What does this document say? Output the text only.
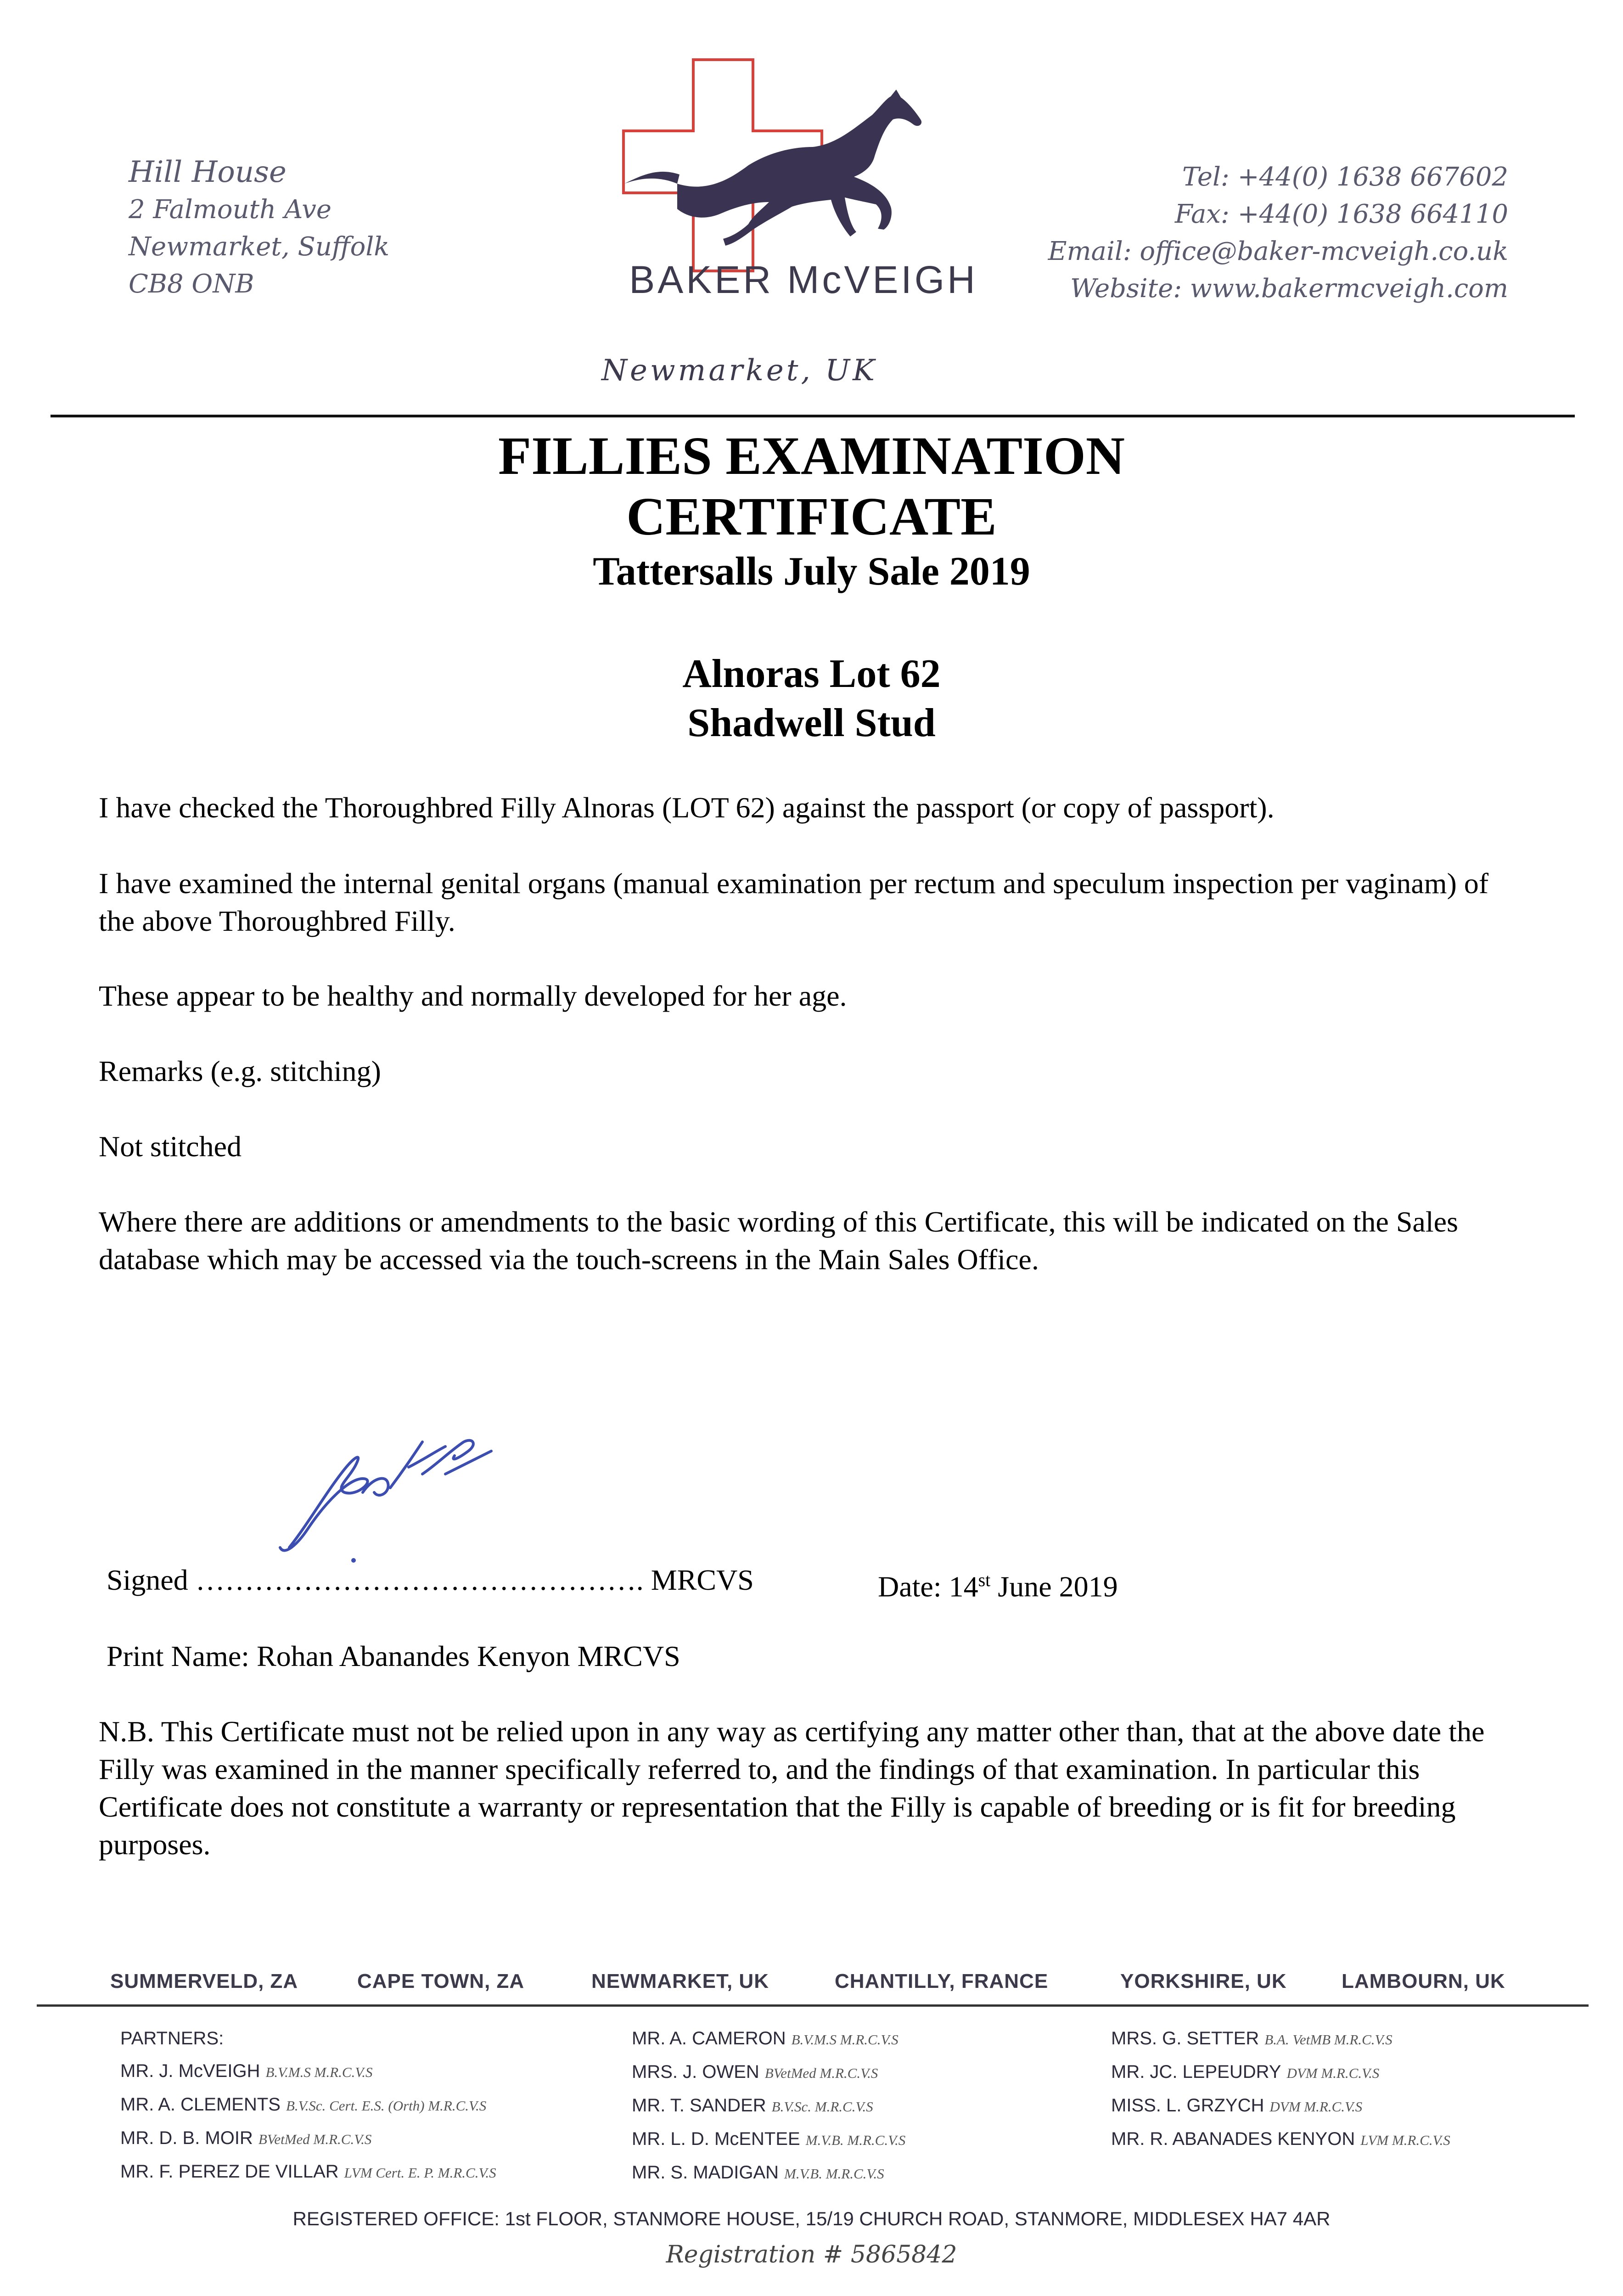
Hill House
2 Falmouth Ave
Newmarket, Suffolk
CB8 ONB
Tel: +44(0) 1638 667602
Fax: +44(0) 1638 664110
Email: office@baker-mcveigh.co.uk
Website: www.bakermcveigh.com
BAKER McVEIGH
Newmarket, UK
FILLIES EXAMINATION
CERTIFICATE
Tattersalls July Sale 2019
Alnoras Lot 62
Shadwell Stud
I have checked the Thoroughbred Filly Alnoras (LOT 62) against the passport (or copy of passport).
I have examined the internal genital organs (manual examination per rectum and speculum inspection per vaginam) of the above Thoroughbred Filly.
These appear to be healthy and normally developed for her age.
Remarks (e.g. stitching)
Not stitched
Where there are additions or amendments to the basic wording of this Certificate, this will be indicated on the Sales database which may be accessed via the touch-screens in the Main Sales Office.
Signed ………………………………………. MRCVS	Date: 14st June 2019
Print Name: Rohan Abanandes Kenyon MRCVS
N.B. This Certificate must not be relied upon in any way as certifying any matter other than, that at the above date the Filly was examined in the manner specifically referred to, and the findings of that examination. In particular this Certificate does not constitute a warranty or representation that the Filly is capable of breeding or is fit for breeding purposes.
SUMMERVELD, ZA	CAPE TOWN, ZA	NEWMARKET, UK	CHANTILLY, FRANCE	YORKSHIRE, UK	LAMBOURN, UK
PARTNERS:
MR. J. McVEIGH B.V.M.S M.R.C.V.S
MR. A. CLEMENTS B.V.Sc. Cert. E.S. (Orth) M.R.C.V.S
MR. D. B. MOIR BVetMed M.R.C.V.S
MR. F. PEREZ DE VILLAR LVM Cert. E. P. M.R.C.V.S
MR. A. CAMERON B.V.M.S M.R.C.V.S
MRS. J. OWEN BVetMed M.R.C.V.S
MR. T. SANDER B.V.Sc. M.R.C.V.S
MR. L. D. McENTEE M.V.B. M.R.C.V.S
MR. S. MADIGAN M.V.B. M.R.C.V.S
MRS. G. SETTER B.A. VetMB M.R.C.V.S
MR. JC. LEPEUDRY DVM M.R.C.V.S
MISS. L. GRZYCH DVM M.R.C.V.S
MR. R. ABANADES KENYON LVM M.R.C.V.S
REGISTERED OFFICE: 1st FLOOR, STANMORE HOUSE, 15/19 CHURCH ROAD, STANMORE, MIDDLESEX HA7 4AR
Registration # 5865842
